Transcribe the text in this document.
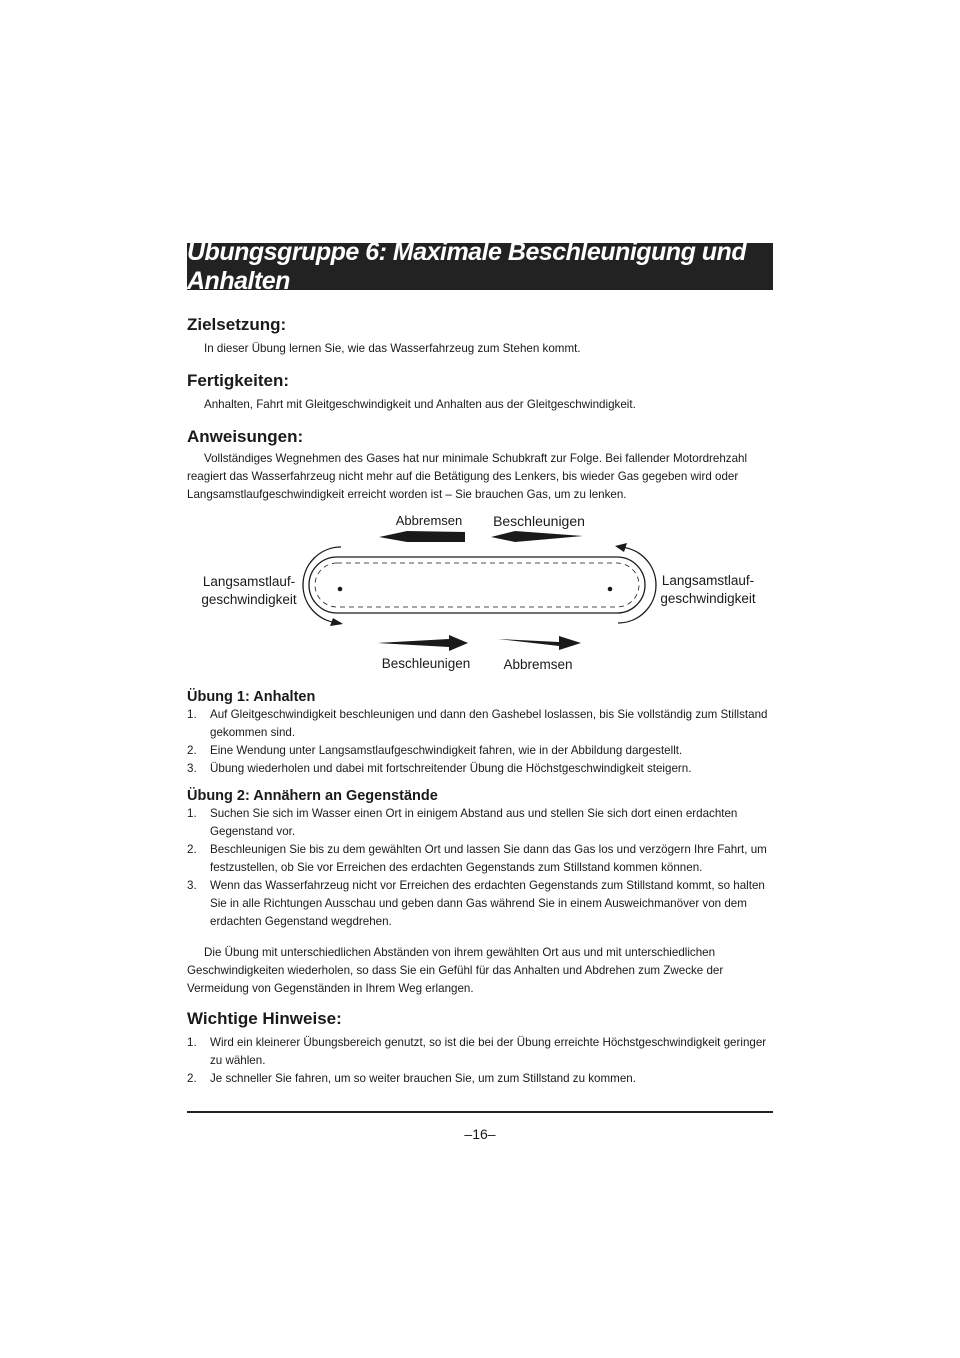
Übungsgruppe 6: Maximale Beschleunigung und Anhalten
Zielsetzung:

In dieser Übung lernen Sie, wie das Wasserfahrzeug zum Stehen kommt.

Fertigkeiten:

Anhalten, Fahrt mit Gleitgeschwindigkeit und Anhalten aus der Gleitgeschwindigkeit.

Anweisungen:

Vollständiges Wegnehmen des Gases hat nur minimale Schubkraft zur Folge. Bei fallender Motordrehzahl reagiert das Wasserfahrzeug nicht mehr auf die Betätigung des Lenkers, bis wieder Gas gegeben wird oder Langsamstlaufgeschwindigkeit erreicht worden ist – Sie brauchen Gas, um zu lenken.

Abbremsen Beschleunigen
Beschleunigen Abbremsen
Langsamstlauf-
geschwindigkeit
Langsamstlauf-
geschwindigkeit
Übung 1: Anhalten
1. Auf Gleitgeschwindigkeit beschleunigen und dann den Gashebel loslassen, bis Sie vollständig zum Stillstand gekommen sind.
2. Eine Wendung unter Langsamstlaufgeschwindigkeit fahren, wie in der Abbildung dargestellt.
3. Übung wiederholen und dabei mit fortschreitender Übung die Höchstgeschwindigkeit steigern.
Übung 2: Annähern an Gegenstände
1. Suchen Sie sich im Wasser einen Ort in einigem Abstand aus und stellen Sie sich dort einen erdachten Gegenstand vor.
2. Beschleunigen Sie bis zu dem gewählten Ort und lassen Sie dann das Gas los und verzögern Ihre Fahrt, um festzustellen, ob Sie vor Erreichen des erdachten Gegenstands zum Stillstand kommen können.
3. Wenn das Wasserfahrzeug nicht vor Erreichen des erdachten Gegenstands zum Stillstand kommt, so halten Sie in alle Richtungen Ausschau und geben dann Gas während Sie in einem Ausweichmanöver von dem erdachten Gegenstand wegdrehen.

Die Übung mit unterschiedlichen Abständen von ihrem gewählten Ort aus und mit unterschiedlichen Geschwindigkeiten wiederholen, so dass Sie ein Gefühl für das Anhalten und Abdrehen zum Zwecke der Vermeidung von Gegenständen in Ihrem Weg erlangen.

Wichtige Hinweise:
1. Wird ein kleinerer Übungsbereich genutzt, so ist die bei der Übung erreichte Höchstgeschwindigkeit geringer zu wählen.
2. Je schneller Sie fahren, um so weiter brauchen Sie, um zum Stillstand zu kommen.
–16–
